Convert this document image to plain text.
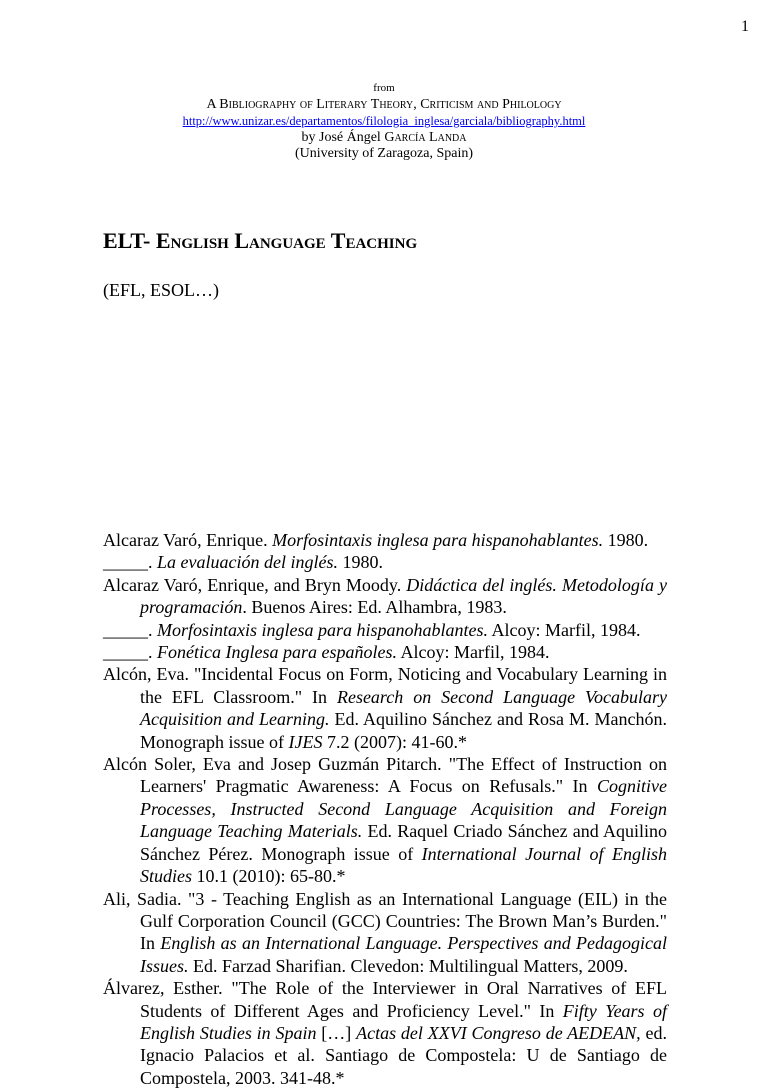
1
from
A Bibliography of Literary Theory, Criticism and Philology
http://www.unizar.es/departamentos/filologia_inglesa/garciala/bibliography.html
by José Ángel García Landa
(University of Zaragoza, Spain)
ELT- English Language Teaching
(EFL, ESOL…)

Alcaraz Varó, Enrique. Morfosintaxis inglesa para hispanohablantes. 1980.

_____. La evaluación del inglés. 1980.

Alcaraz Varó, Enrique, and Bryn Moody. Didáctica del inglés. Metodología y programación. Buenos Aires: Ed. Alhambra, 1983.

_____. Morfosintaxis inglesa para hispanohablantes. Alcoy: Marfil, 1984.

_____. Fonética Inglesa para españoles. Alcoy: Marfil, 1984.

Alcón, Eva. "Incidental Focus on Form, Noticing and Vocabulary Learning in the EFL Classroom." In Research on Second Language Vocabulary Acquisition and Learning. Ed. Aquilino Sánchez and Rosa M. Manchón. Monograph issue of IJES 7.2 (2007): 41-60.*

Alcón Soler, Eva and Josep Guzmán Pitarch. "The Effect of Instruction on Learners' Pragmatic Awareness: A Focus on Refusals." In Cognitive Processes, Instructed Second Language Acquisition and Foreign Language Teaching Materials. Ed. Raquel Criado Sánchez and Aquilino Sánchez Pérez. Monograph issue of International Journal of English Studies 10.1 (2010): 65-80.*

Ali, Sadia. "3 - Teaching English as an International Language (EIL) in the Gulf Corporation Council (GCC) Countries: The Brown Man’s Burden." In English as an International Language. Perspectives and Pedagogical Issues. Ed. Farzad Sharifian. Clevedon: Multilingual Matters, 2009.

Álvarez, Esther. "The Role of the Interviewer in Oral Narratives of EFL Students of Different Ages and Proficiency Level." In Fifty Years of English Studies in Spain […] Actas del XXVI Congreso de AEDEAN, ed. Ignacio Palacios et al. Santiago de Compostela: U de Santiago de Compostela, 2003. 341-48.*
